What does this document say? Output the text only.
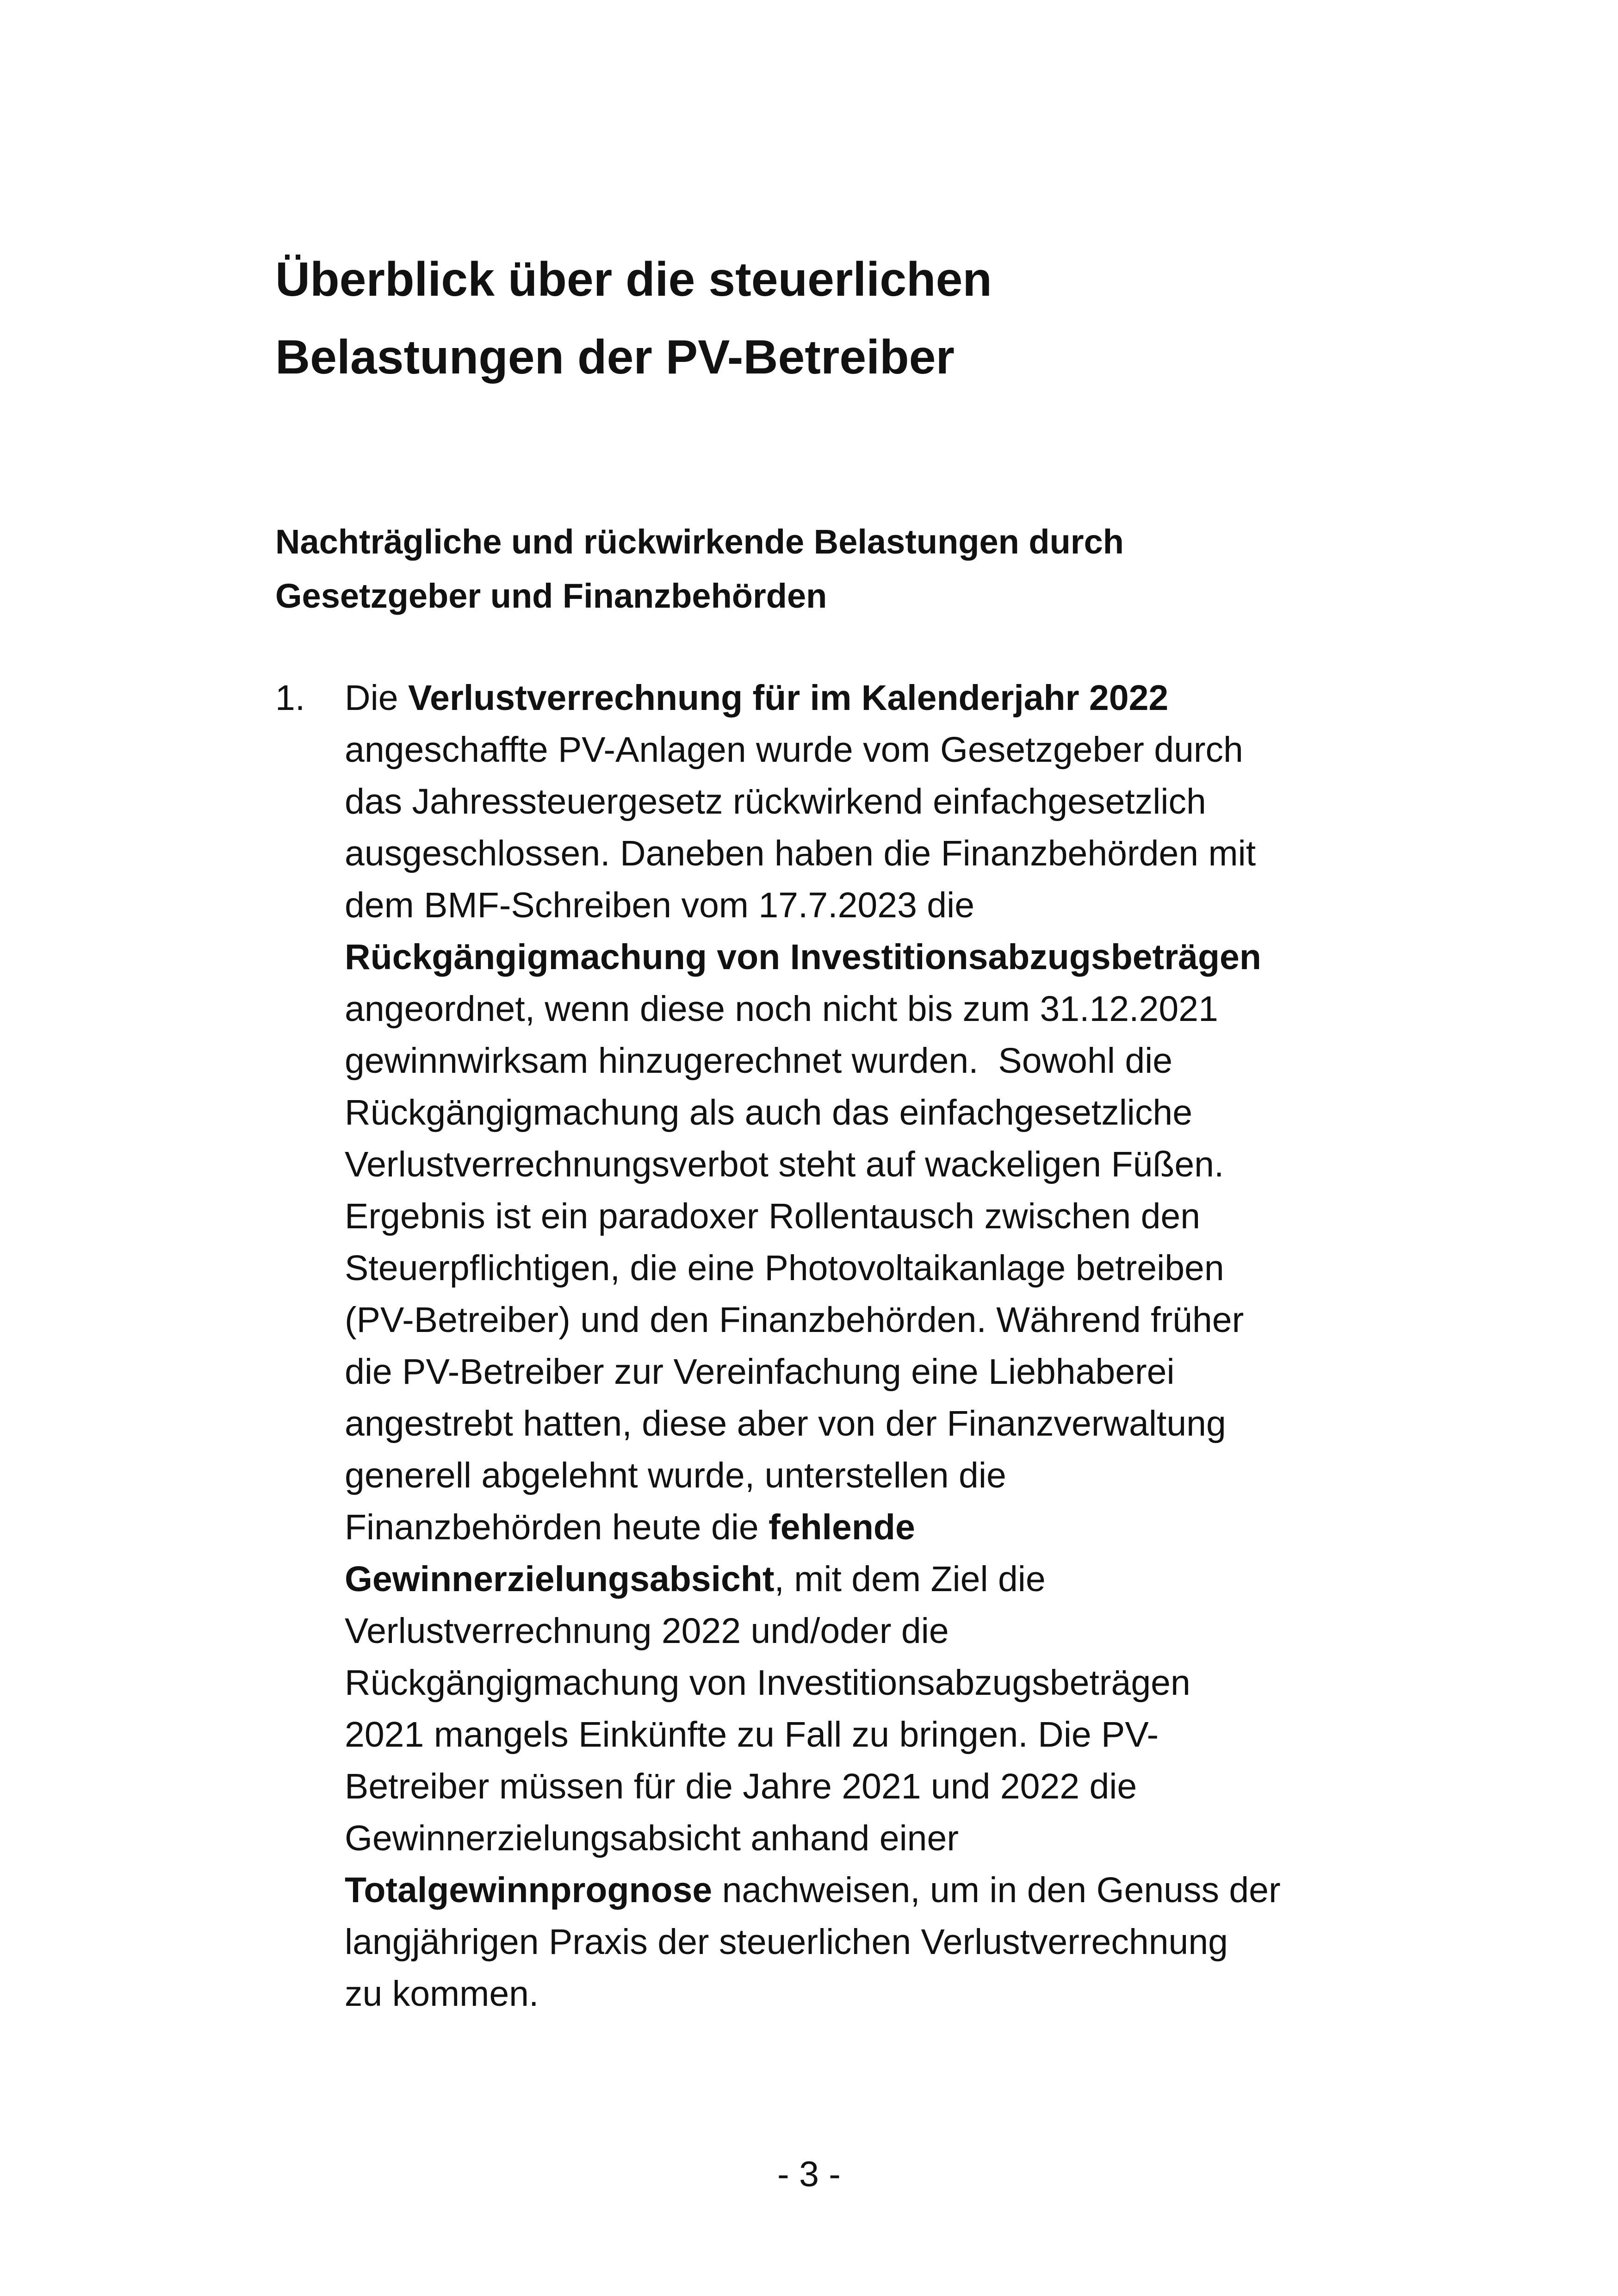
Überblick über die steuerlichen
Belastungen der PV-Betreiber
Nachträgliche und rückwirkende Belastungen durch
Gesetzgeber und Finanzbehörden
1. Die Verlustverrechnung für im Kalenderjahr 2022
angeschaffte PV-Anlagen wurde vom Gesetzgeber durch
das Jahressteuergesetz rückwirkend einfachgesetzlich
ausgeschlossen. Daneben haben die Finanzbehörden mit
dem BMF-Schreiben vom 17.7.2023 die
Rückgängigmachung von Investitionsabzugsbeträgen
angeordnet, wenn diese noch nicht bis zum 31.12.2021
gewinnwirksam hinzugerechnet wurden.  Sowohl die
Rückgängigmachung als auch das einfachgesetzliche
Verlustverrechnungsverbot steht auf wackeligen Füßen.
Ergebnis ist ein paradoxer Rollentausch zwischen den
Steuerpflichtigen, die eine Photovoltaikanlage betreiben
(PV-Betreiber) und den Finanzbehörden. Während früher
die PV-Betreiber zur Vereinfachung eine Liebhaberei
angestrebt hatten, diese aber von der Finanzverwaltung
generell abgelehnt wurde, unterstellen die
Finanzbehörden heute die fehlende
Gewinnerzielungsabsicht, mit dem Ziel die
Verlustverrechnung 2022 und/oder die
Rückgängigmachung von Investitionsabzugsbeträgen
2021 mangels Einkünfte zu Fall zu bringen. Die PV-
Betreiber müssen für die Jahre 2021 und 2022 die
Gewinnerzielungsabsicht anhand einer
Totalgewinnprognose nachweisen, um in den Genuss der
langjährigen Praxis der steuerlichen Verlustverrechnung
zu kommen.
- 3 -
